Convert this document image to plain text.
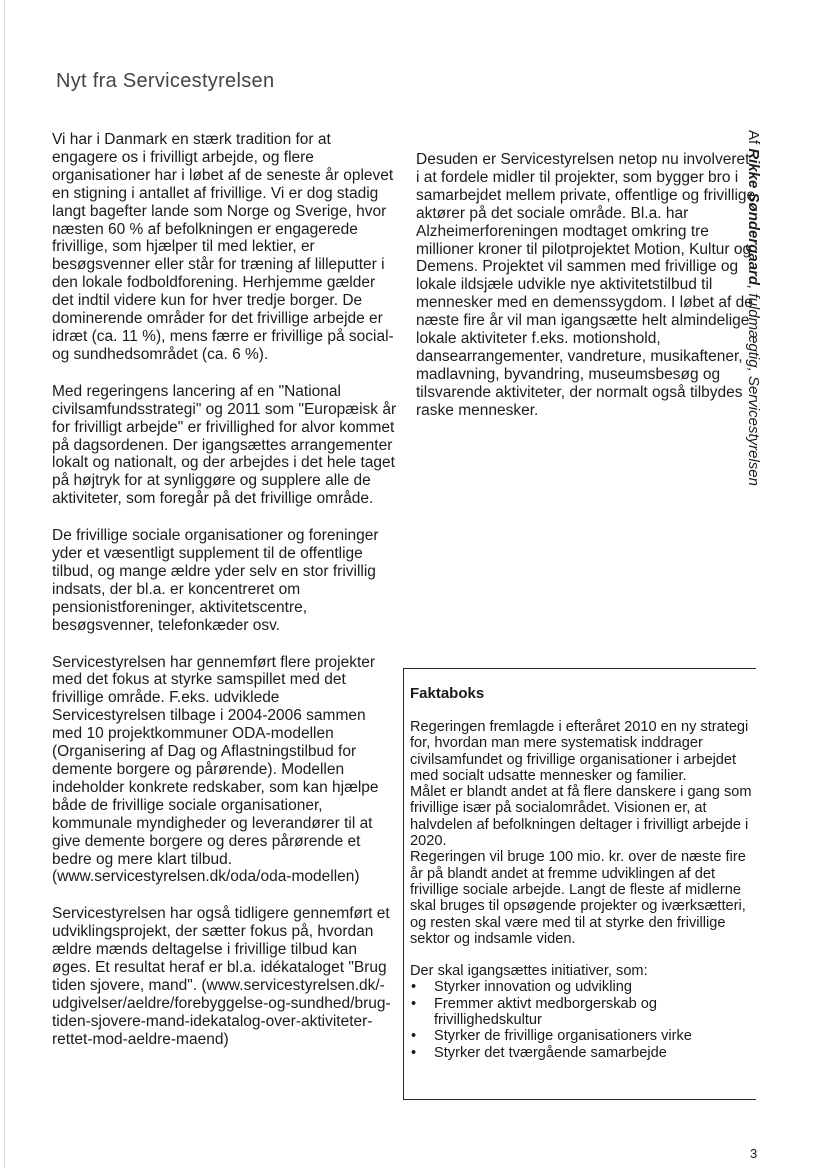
Nyt fra Servicestyrelsen

Vi har i Danmark en stærk tradition for at engagere os i frivilligt arbejde, og flere organisationer har i løbet af de seneste år oplevet en stigning i antallet af frivillige. Vi er dog stadig langt bagefter lande som Norge og Sverige, hvor næsten 60 % af befolkningen er engagerede frivillige, som hjælper til med lektier, er besøgsvenner eller står for træning af lilleputter i den lokale fodboldforening. Herhjemme gælder det indtil videre kun for hver tredje borger. De dominerende områder for det frivillige arbejde er idræt (ca. 11 %), mens færre er frivillige på social- og sundhedsområdet (ca. 6 %).

Med regeringens lancering af en "National civilsamfundsstrategi" og 2011 som "Europæisk år for frivilligt arbejde" er frivillighed for alvor kommet på dagsordenen. Der igangsættes arrangementer lokalt og nationalt, og der arbejdes i det hele taget på højtryk for at synliggøre og supplere alle de aktiviteter, som foregår på det frivillige område.

De frivillige sociale organisationer og foreninger yder et væsentligt supplement til de offentlige tilbud, og mange ældre yder selv en stor frivillig indsats, der bl.a. er koncentreret om pensionistforeninger, aktivitetscentre, besøgsvenner, telefonkæder osv.

Servicestyrelsen har gennemført flere projekter med det fokus at styrke samspillet med det frivillige område. F.eks. udviklede Servicestyrelsen tilbage i 2004-2006 sammen med 10 projektkommuner ODA-modellen (Organisering af Dag og Aflastningstilbud for demente borgere og pårørende). Modellen indeholder konkrete redskaber, som kan hjælpe både de frivillige sociale organisationer, kommunale myndigheder og leverandører til at give demente borgere og deres pårørende et bedre og mere klart tilbud. (www.servicestyrelsen.dk/oda/oda-modellen)

Servicestyrelsen har også tidligere gennemført et udviklingsprojekt, der sætter fokus på, hvordan ældre mænds deltagelse i frivillige tilbud kan øges. Et resultat heraf er bl.a. idékataloget "Brug tiden sjovere, mand". (www.servicestyrelsen.dk/-udgivelser/aeldre/forebyggelse-og-sundhed/brug-tiden-sjovere-mand-idekatalog-over-aktiviteter-rettet-mod-aeldre-maend)

Desuden er Servicestyrelsen netop nu involveret i at fordele midler til projekter, som bygger bro i samarbejdet mellem private, offentlige og frivillige aktører på det sociale område. Bl.a. har Alzheimerforeningen modtaget omkring tre millioner kroner til pilotprojektet Motion, Kultur og Demens. Projektet vil sammen med frivillige og lokale ildsjæle udvikle nye aktivitetstilbud til mennesker med en demenssygdom. I løbet af de næste fire år vil man igangsætte helt almindelige lokale aktiviteter f.eks. motionshold, dansearrangementer, vandreture, musikaftener, madlavning, byvandring, museumsbesøg og tilsvarende aktiviteter, der normalt også tilbydes raske mennesker.

Af Rikke Søndergaard, fuldmægtig, Servicestyrelsen

Faktaboks

Regeringen fremlagde i efteråret 2010 en ny strategi for, hvordan man mere systematisk inddrager civilsamfundet og frivillige organisationer i arbejdet med socialt udsatte mennesker og familier.

Målet er blandt andet at få flere danskere i gang som frivillige især på socialområdet. Visionen er, at halvdelen af befolkningen deltager i frivilligt arbejde i 2020.

Regeringen vil bruge 100 mio. kr. over de næste fire år på blandt andet at fremme udviklingen af det frivillige sociale arbejde. Langt de fleste af midlerne skal bruges til opsøgende projekter og iværksætteri, og resten skal være med til at styrke den frivillige sektor og indsamle viden.

Der skal igangsættes initiativer, som:

• Styrker innovation og udvikling
• Fremmer aktivt medborgerskab og frivillighedskultur
• Styrker de frivillige organisationers virke
• Styrker det tværgående samarbejde
3
